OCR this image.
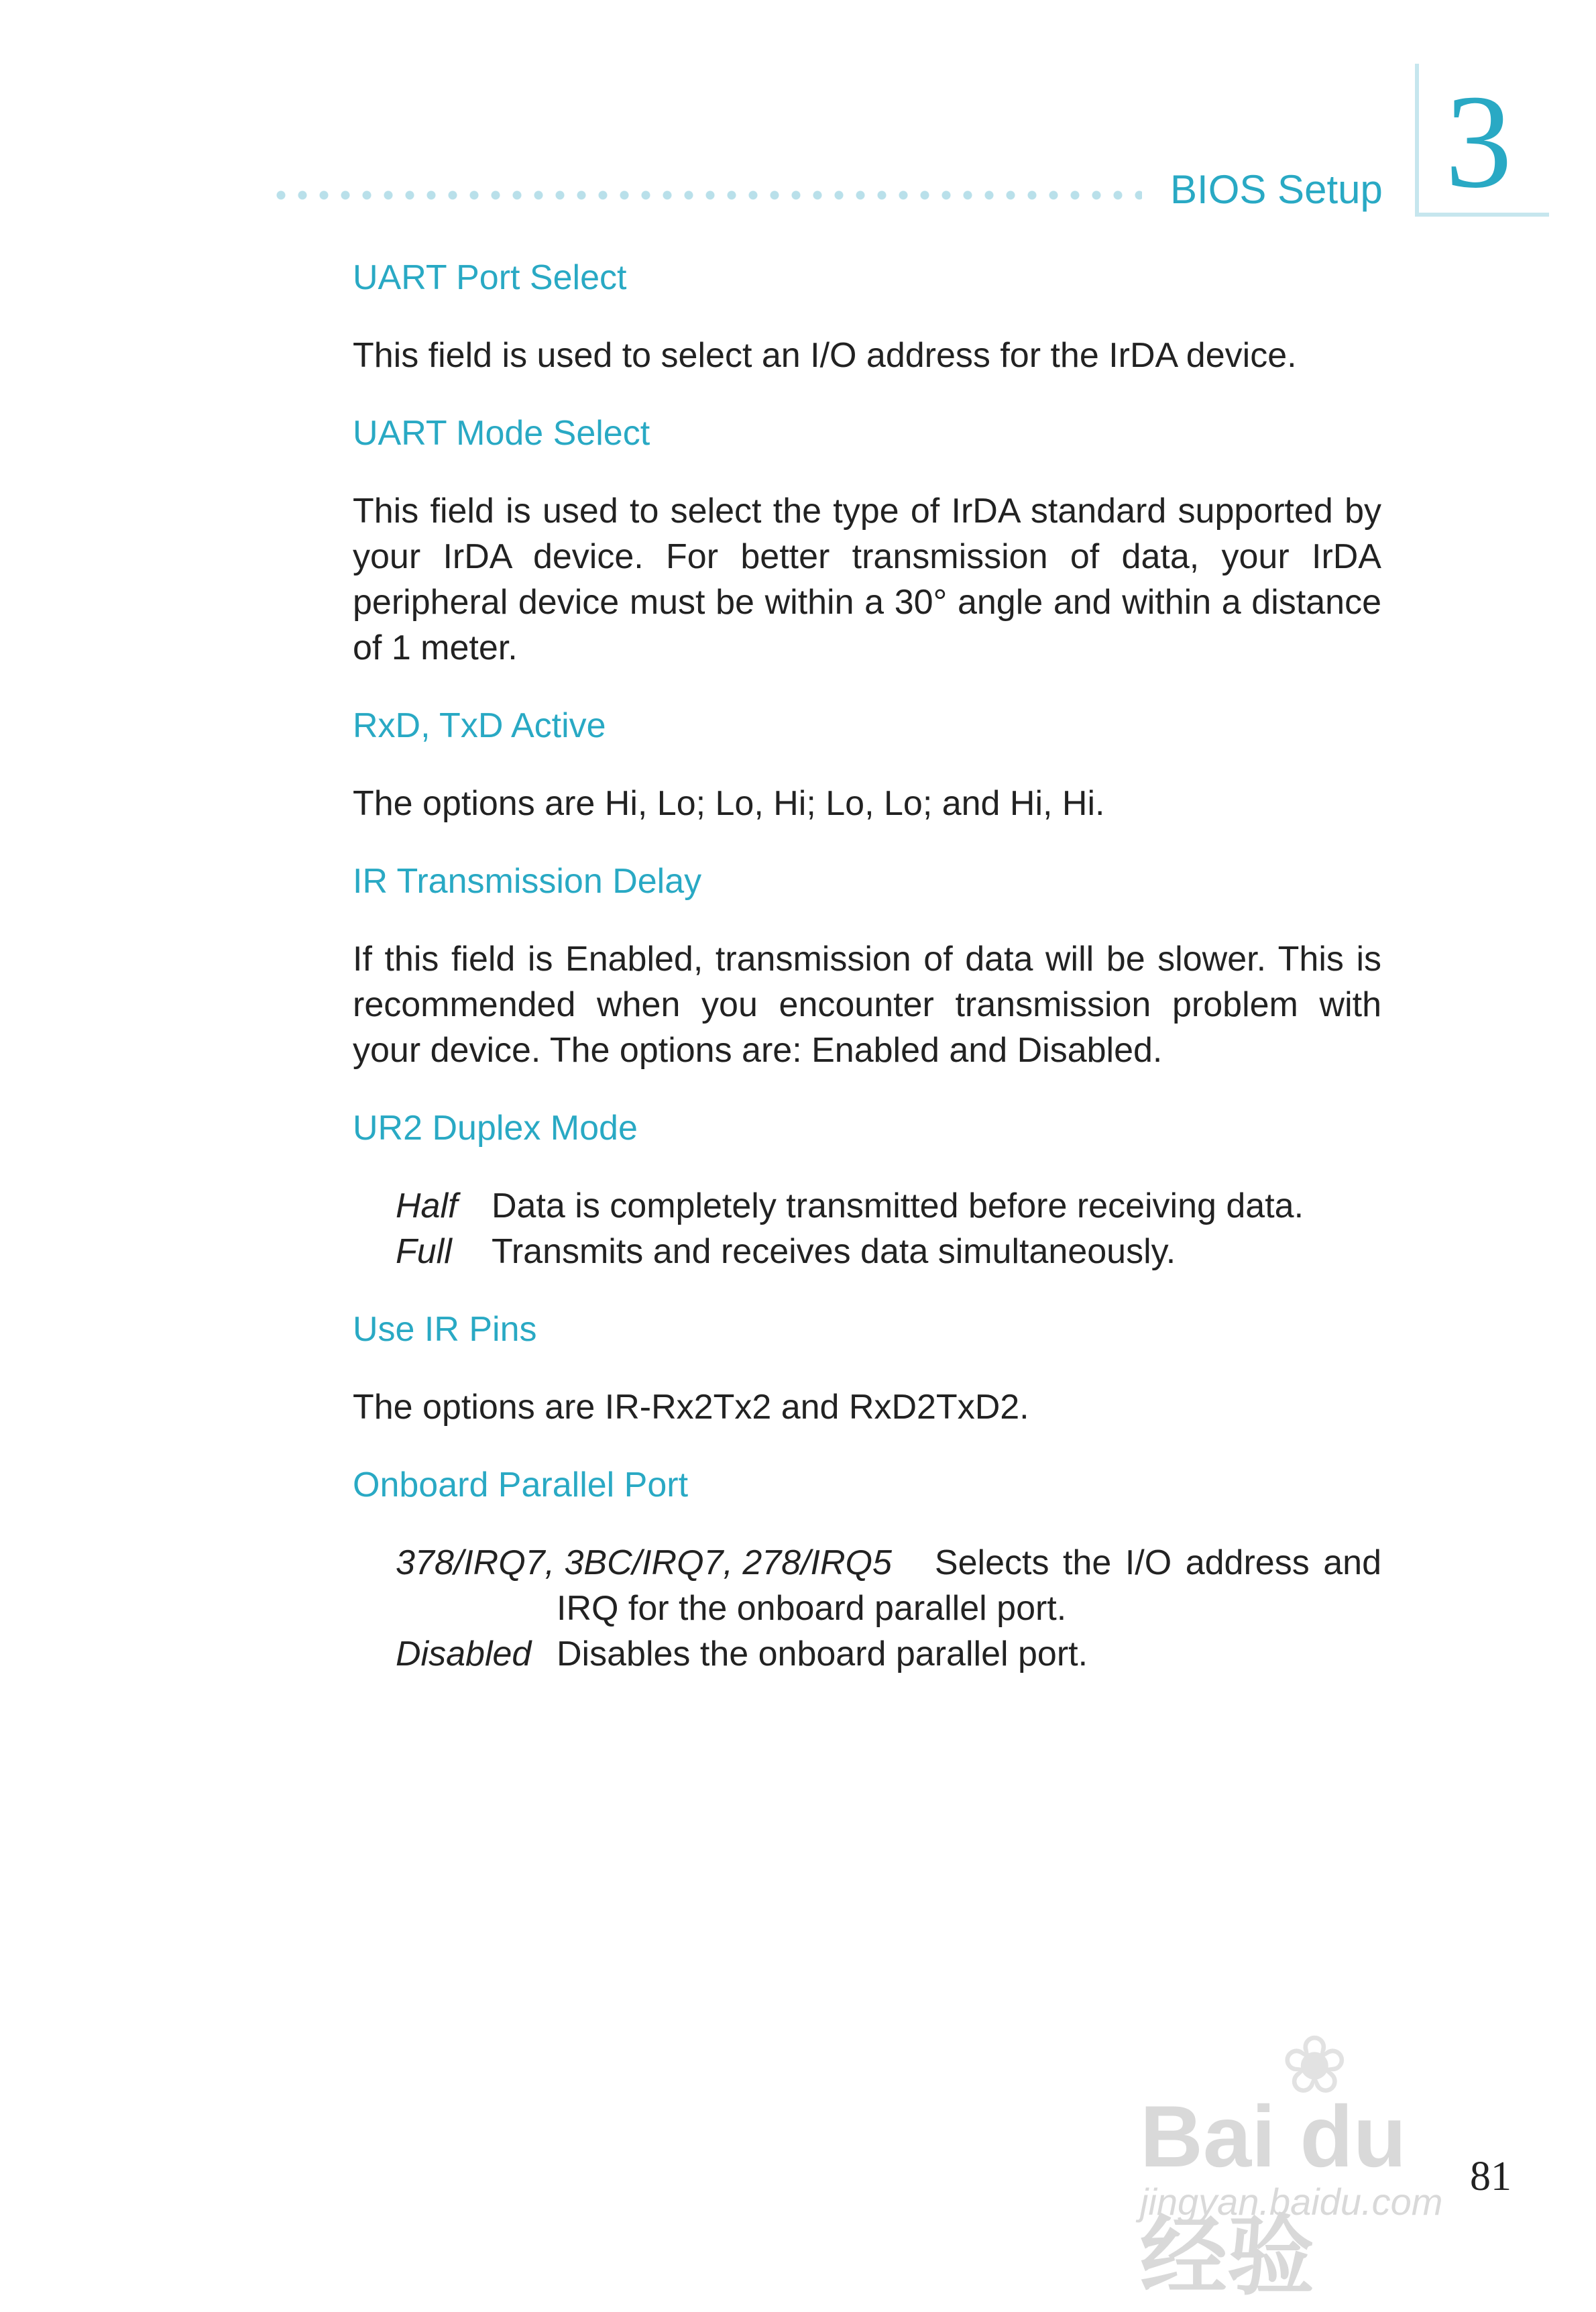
BIOS Setup 3
UART Port Select
This field is used to select an I/O address for the IrDA device.
UART Mode Select
This field is used to select the type of IrDA standard supported by your IrDA device. For better transmission of data, your IrDA peripheral device must be within a 30° angle and within a distance of 1 meter.
RxD, TxD Active
The options are Hi, Lo; Lo, Hi; Lo, Lo; and Hi, Hi.
IR Transmission Delay
If this field is Enabled, transmission of data will be slower. This is recommended when you encounter transmission problem with your device. The options are: Enabled and Disabled.
UR2 Duplex Mode
Half Data is completely transmitted before receiving data.
Full	Transmits and receives data simultaneously.
Use IR Pins
The options are IR-Rx2Tx2 and RxD2TxD2.
Onboard Parallel Port
378/IRQ7, 3BC/IRQ7, 278/IRQ5 Selects the I/O address and
IRQ for the onboard parallel port.
Disabled Disables the onboard parallel port.
❀
Bai du 经验
jingyan.baidu.com
81
